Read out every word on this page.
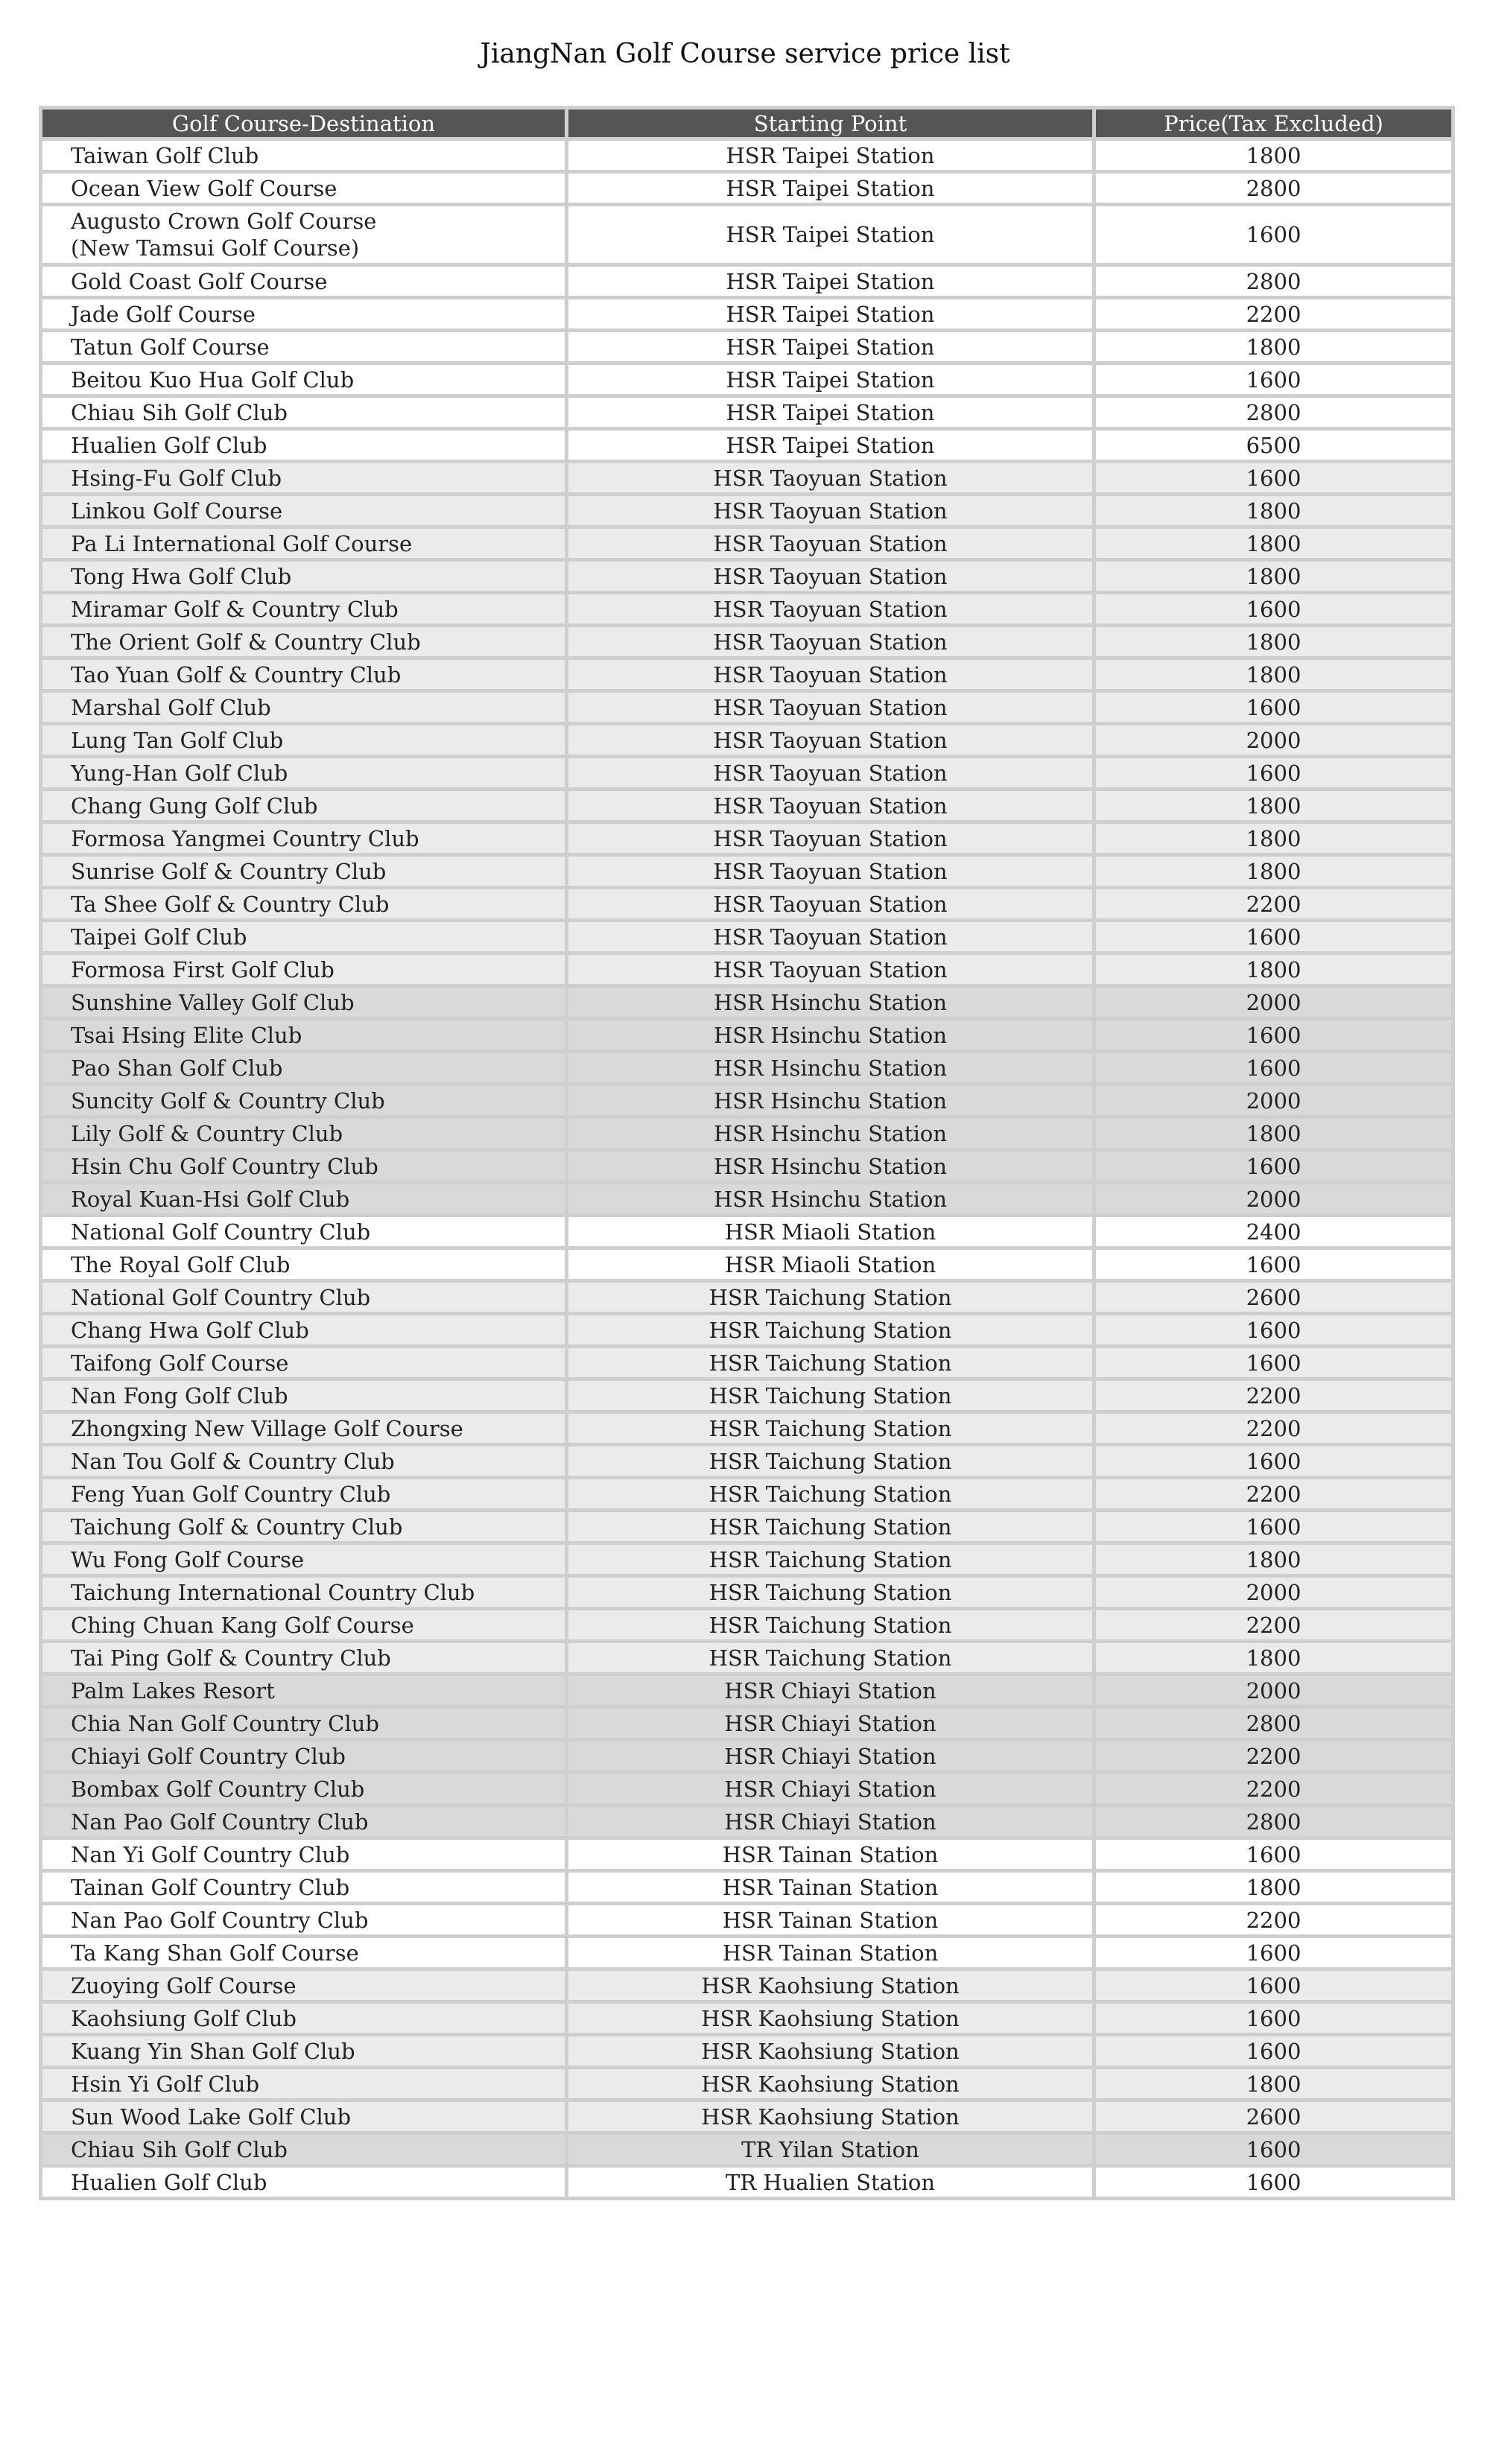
JiangNan Golf Course service price list
Golf Course-Destination	Starting Point	Price(Tax Excluded)
Taiwan Golf Club	HSR Taipei Station	1800
Ocean View Golf Course	HSR Taipei Station	2800
Augusto Crown Golf Course
(New Tamsui Golf Course)	HSR Taipei Station	1600
Gold Coast Golf Course	HSR Taipei Station	2800
Jade Golf Course	HSR Taipei Station	2200
Tatun Golf Course	HSR Taipei Station	1800
Beitou Kuo Hua Golf Club	HSR Taipei Station	1600
Chiau Sih Golf Club	HSR Taipei Station	2800
Hualien Golf Club	HSR Taipei Station	6500
Hsing-Fu Golf Club	HSR Taoyuan Station	1600
Linkou Golf Course	HSR Taoyuan Station	1800
Pa Li International Golf Course	HSR Taoyuan Station	1800
Tong Hwa Golf Club	HSR Taoyuan Station	1800
Miramar Golf & Country Club	HSR Taoyuan Station	1600
The Orient Golf & Country Club	HSR Taoyuan Station	1800
Tao Yuan Golf & Country Club	HSR Taoyuan Station	1800
Marshal Golf Club	HSR Taoyuan Station	1600
Lung Tan Golf Club	HSR Taoyuan Station	2000
Yung-Han Golf Club	HSR Taoyuan Station	1600
Chang Gung Golf Club	HSR Taoyuan Station	1800
Formosa Yangmei Country Club	HSR Taoyuan Station	1800
Sunrise Golf & Country Club	HSR Taoyuan Station	1800
Ta Shee Golf & Country Club	HSR Taoyuan Station	2200
Taipei Golf Club	HSR Taoyuan Station	1600
Formosa First Golf Club	HSR Taoyuan Station	1800
Sunshine Valley Golf Club	HSR Hsinchu Station	2000
Tsai Hsing Elite Club	HSR Hsinchu Station	1600
Pao Shan Golf Club	HSR Hsinchu Station	1600
Suncity Golf & Country Club	HSR Hsinchu Station	2000
Lily Golf & Country Club	HSR Hsinchu Station	1800
Hsin Chu Golf Country Club	HSR Hsinchu Station	1600
Royal Kuan-Hsi Golf Club	HSR Hsinchu Station	2000
National Golf Country Club	HSR Miaoli Station	2400
The Royal Golf Club	HSR Miaoli Station	1600
National Golf Country Club	HSR Taichung Station	2600
Chang Hwa Golf Club	HSR Taichung Station	1600
Taifong Golf Course	HSR Taichung Station	1600
Nan Fong Golf Club	HSR Taichung Station	2200
Zhongxing New Village Golf Course	HSR Taichung Station	2200
Nan Tou Golf & Country Club	HSR Taichung Station	1600
Feng Yuan Golf Country Club	HSR Taichung Station	2200
Taichung Golf & Country Club	HSR Taichung Station	1600
Wu Fong Golf Course	HSR Taichung Station	1800
Taichung International Country Club	HSR Taichung Station	2000
Ching Chuan Kang Golf Course	HSR Taichung Station	2200
Tai Ping Golf & Country Club	HSR Taichung Station	1800
Palm Lakes Resort	HSR Chiayi Station	2000
Chia Nan Golf Country Club	HSR Chiayi Station	2800
Chiayi Golf Country Club	HSR Chiayi Station	2200
Bombax Golf Country Club	HSR Chiayi Station	2200
Nan Pao Golf Country Club	HSR Chiayi Station	2800
Nan Yi Golf Country Club	HSR Tainan Station	1600
Tainan Golf Country Club	HSR Tainan Station	1800
Nan Pao Golf Country Club	HSR Tainan Station	2200
Ta Kang Shan Golf Course	HSR Tainan Station	1600
Zuoying Golf Course	HSR Kaohsiung Station	1600
Kaohsiung Golf Club	HSR Kaohsiung Station	1600
Kuang Yin Shan Golf Club	HSR Kaohsiung Station	1600
Hsin Yi Golf Club	HSR Kaohsiung Station	1800
Sun Wood Lake Golf Club	HSR Kaohsiung Station	2600
Chiau Sih Golf Club	TR Yilan Station	1600
Hualien Golf Club	TR Hualien Station	1600
